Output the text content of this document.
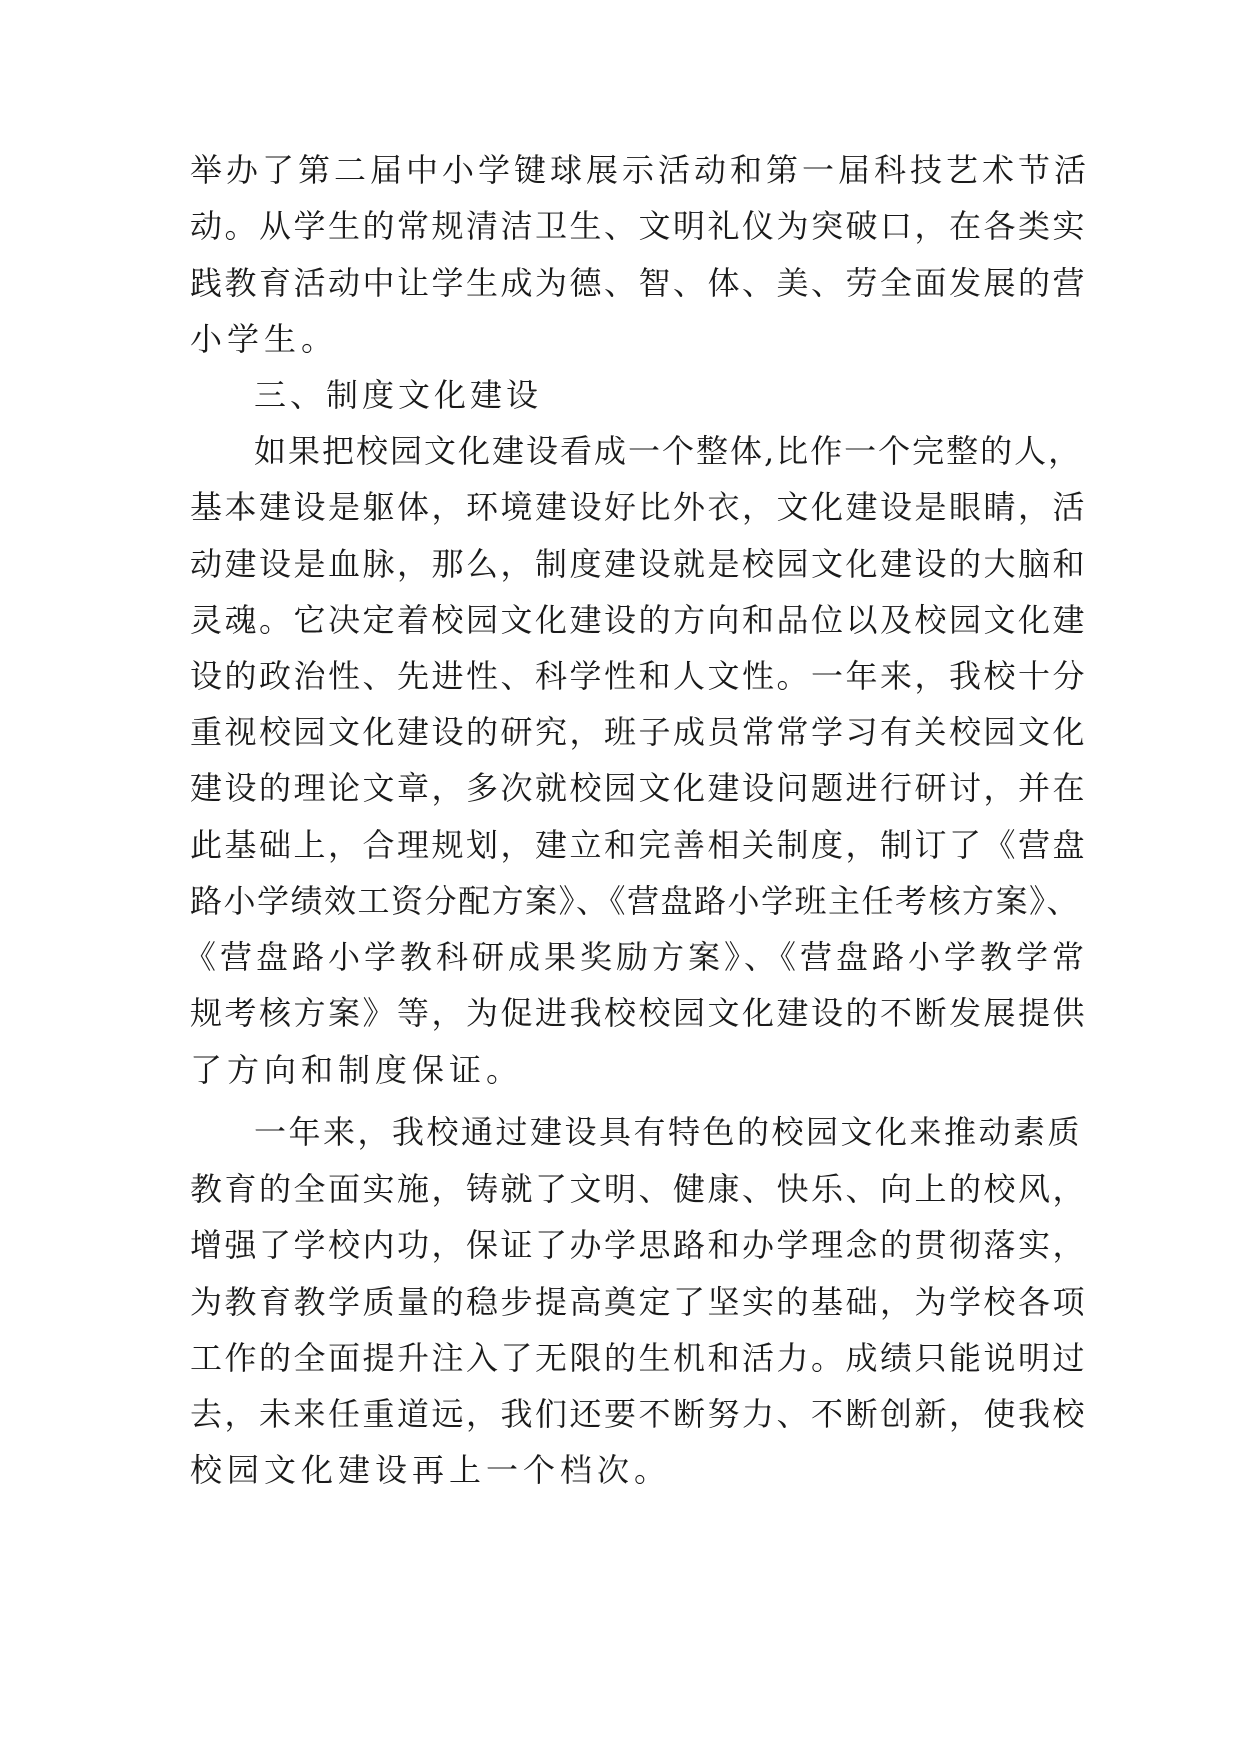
举办了第二届中小学键球展示活动和第一届科技艺术节活

动。从学生的常规清洁卫生、文明礼仪为突破口，在各类实

践教育活动中让学生成为德、智、体、美、劳全面发展的营

小学生。

三、制度文化建设

如果把校园文化建设看成一个整体,比作一个完整的人，

基本建设是躯体，环境建设好比外衣，文化建设是眼睛，活

动建设是血脉，那么，制度建设就是校园文化建设的大脑和

灵魂。它决定着校园文化建设的方向和品位以及校园文化建

设的政治性、先进性、科学性和人文性。一年来，我校十分

重视校园文化建设的研究，班子成员常常学习有关校园文化

建设的理论文章，多次就校园文化建设问题进行研讨，并在

此基础上，合理规划，建立和完善相关制度，制订了《营盘

路小学绩效工资分配方案》、《营盘路小学班主任考核方案》、

《营盘路小学教科研成果奖励方案》、《营盘路小学教学常

规考核方案》等，为促进我校校园文化建设的不断发展提供

了方向和制度保证。

一年来，我校通过建设具有特色的校园文化来推动素质

教育的全面实施，铸就了文明、健康、快乐、向上的校风，

增强了学校内功，保证了办学思路和办学理念的贯彻落实，

为教育教学质量的稳步提高奠定了坚实的基础，为学校各项

工作的全面提升注入了无限的生机和活力。成绩只能说明过

去，未来任重道远，我们还要不断努力、不断创新，使我校

校园文化建设再上一个档次。
